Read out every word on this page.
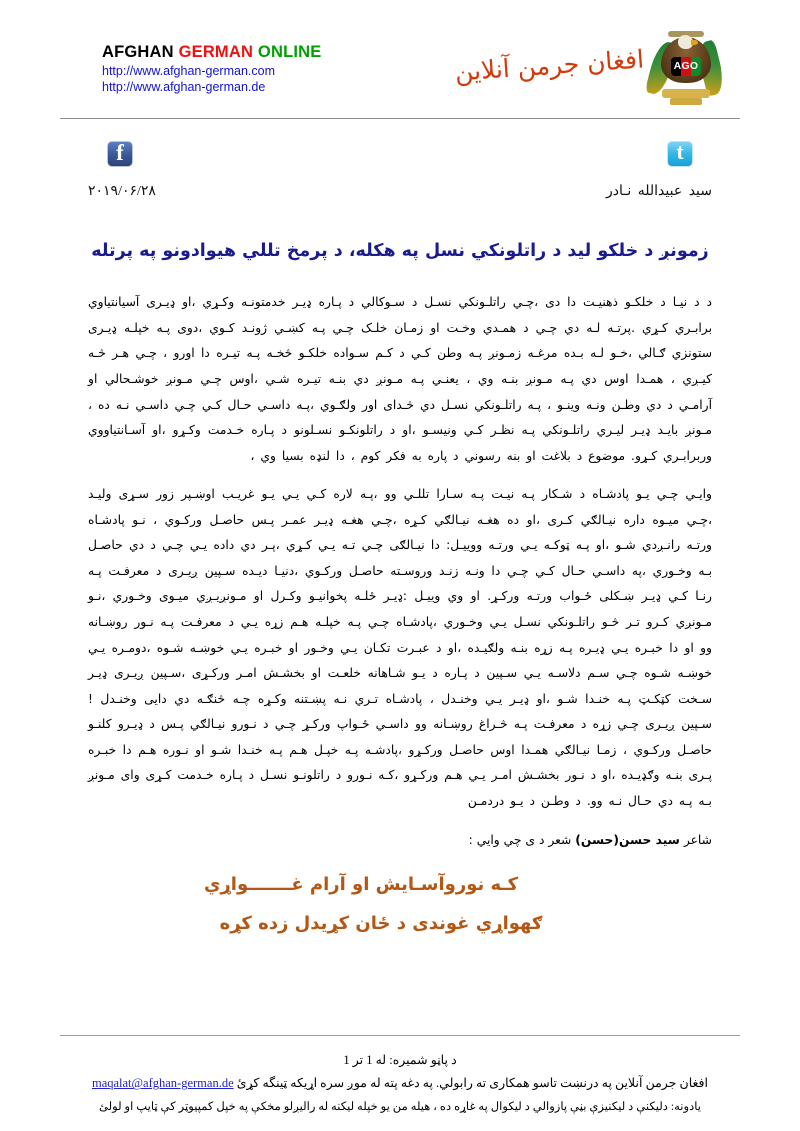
افغان جرمن آنلاین	AGO
AFGHAN GERMAN ONLINE
http://www.afghan-german.com
http://www.afghan-german.de
f
t
۲۰۱۹/۰۶/۲۸	سید عبیدالله نـادر
زمونږ د خلکو لید د راتلونكي نسل په هکله، د پرمخ تللي هیوادونو په پرتله

د د نیـا د خلکـو ذهنیـت دا دی ،چـي راتلـونكي نسـل د سـوکالي د پـاره ډیـر خدمتونـه وكـړي ،او ډیـرى آسیانتیاوي برابـري كـړي .پرتـه لـه دي چـي د همـدي وخـت او زمـان خلـک چـي پـه كښـي ژونـد كـوي ،دوى پـه خپلـه ډیـرى ستونزي ګـالي ،خـو لـه بـده مرغـه زمـونږ پـه وطن كـي د كـم سـواده خلكـو څخـه پـه تیـره دا اورو ، چـي هـر څـه كیـږي ، همـدا اوس دي پـه مـونږ بنـه وي ، یعنـي پـه مـونږ دي بنـه تیـره شـي ،اوس چـي مـونږ خوشـحالي او آرامـي د دي وطـن ونـه وینـو ، پـه راتلـونكي نسـل دي څـدای اور ولګـوي ،پـه داسـي حـال كـي چـي داسـي نـه ده ، مـونږ بایـد ډیـر لیـري راتلـونكي پـه نظـر كـي ونیسـو ،او د راتلونكـو نسـلونو د پـاره خـدمت وكـړو ،او آسـانتیاووي وربرابـري كـړو. موضوع د بلاغت او بنه رسوني د پاره به فكر كوم ، دا لنډه بسیا وي ،

وایـي چـي یـو پادشـاه د شـكار پـه نیـت پـه سـارا تللـي وو ،پـه لاره كـي یـي یـو غریـب اوښـپر زور سـړى ولیـد ،چـي میـوه داره نیـالګي كـرى ،او ده هغـه نیـالګي كـړه ،چـي هغـه ډیـر عمـر پـس حاصـل وركـوي ، نـو پادشـاه ورتـه رانـږدي شـو ،او پـه ټوكـه یـي ورتـه ووییـل: دا نیـالګى چـي تـه یـي كـړي ،پـر دي داده یـي چـي د دي حاصـل بـه وخـوري ،په داسـي حـال كـي چـي دا ونـه زنـد وروسـته حاصـل وركـوي ،دنیـا دیـده سـپین ږیـرى د معرفـت پـه رنـا كـي ډیـر ښـكلى ځـواب ورتـه وركـړ. او وي وییـل :ډیـر ځلـه پخوانیـو وكـرل او مـونږیـږي میـوى وخـوري ،نـو مـونږي كـرو تـر څـو راتلـونكي نسـل یـي وخـوري ،پادشـاه چـي پـه خپلـه هـم زړه یـي د معرفـت پـه نـور روښـانه وو او دا خبـره یـي ډیـره پـه زړه بنـه ولګیـده ،او د عبـرت تكـان یـي وخـور او خبـره یـي خوښـه شـوه ،دومـره یـي خوښـه شـوه چـي سـم دلاسـه یـي سـپین د پـاره د یـو شـاهانه خلعـت او بخشـش امـر وركـړى ،سـپین ږیـرى ډیـر سـخت كټكـټ پـه خنـدا شـو ،او ډیـر یـي وخنـدل ، پادشـاه تـري نـه پښـتنه وكـړه چـه څنګـه دي دایى وخنـدل ! سـپین ږیـرى چـي زړه د معرفـت پـه څـراغ روښـانه وو داسـي ځـواپ وركـړ چـي د نـورو نیـالګي پـس د ډیـرو كلنـو حاصـل وركـوي ، زمـا نیـالګي همـدا اوس حاصـل وركـړو ،پادشـه پـه خپـل هـم پـه خنـدا شـو او نـوره هـم دا خبـره پـرى بنـه وګډیـده ،او د نـور بخشـش امـر یـي هـم وركـړو ،كـه نـورو د راتلونـو نسـل د پـاره خـدمت كـړى وای مـونږ بـه پـه دي حـال نـه وو. د وطـن د یـو دردمـن

شاعر سید حسن(حسن) شعر د ی چي وایي :

کـه نوروآسـایش او آرام غـــــــواړي
ګهواړي غوندى د ځان کړیدل زده کړه
د پاڼو شمیره: له 1 تر 1
افغان جرمن آنلاین په درنښت تاسو همکاری ته رابولي. په دغه پته له موږ سره اړیکه ټینگه کړئ maqalat@afghan-german.de
یادونه: دلیکنې د لیکنیزې بڼې پازوالي د لیکوال په غاړه ده ، هیله من یو خپله لیکنه له رالیږلو مخکې په خپل کمپیوټر کې ټایپ او لولئ
